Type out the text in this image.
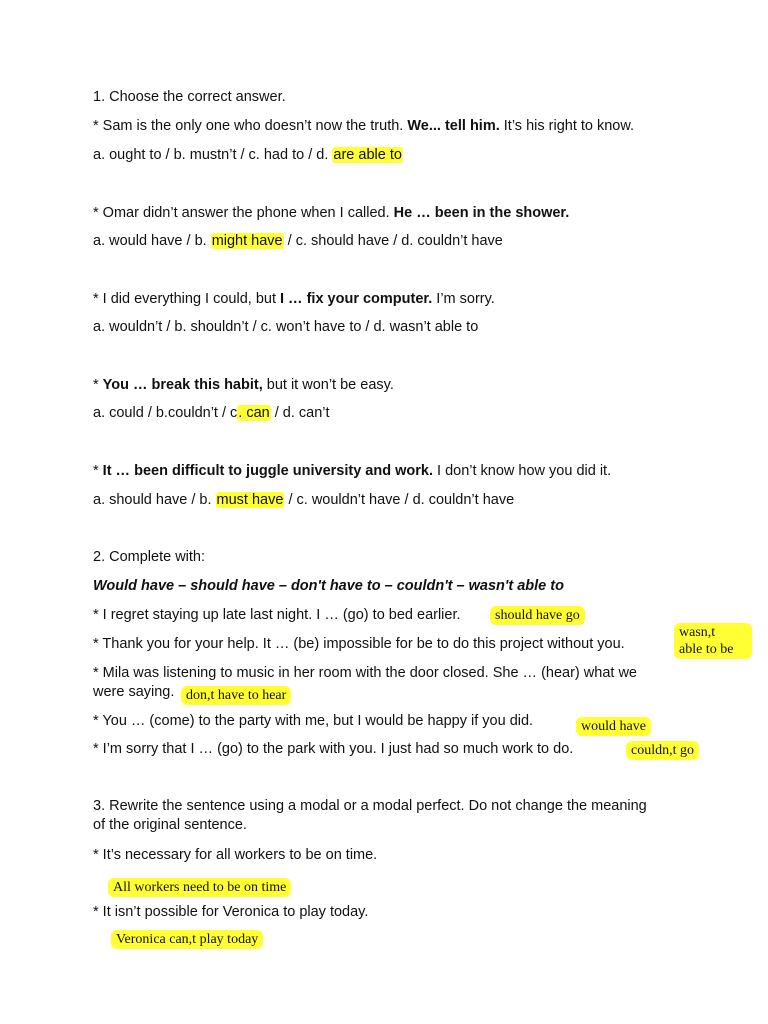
1. Choose the correct answer.
* Sam is the only one who doesn’t now the truth. We... tell him. It’s his right to know.
a. ought to / b. mustn’t / c. had to / d. are able to
* Omar didn’t answer the phone when I called. He … been in the shower.
a. would have / b. might have / c. should have / d. couldn’t have
* I did everything I could, but I … fix your computer. I’m sorry.
a. wouldn’t / b. shouldn’t / c. won’t have to / d. wasn’t able to
* You … break this habit, but it won’t be easy.
a. could / b.couldn’t / c. can / d. can’t
* It … been difficult to juggle university and work. I don’t know how you did it.
a. should have / b. must have / c. wouldn’t have / d. couldn’t have
2. Complete with:
Would have – should have – don't have to – couldn't – wasn't able to
* I regret staying up late last night. I … (go) to bed earlier.	should have go
* Thank you for your help. It … (be) impossible for be to do this project without you.
wasn,t
able to be
* Mila was listening to music in her room with the door closed. She … (hear) what we
were saying. don,t have to hear
* You … (come) to the party with me, but I would be happy if you did.	would have
* I’m sorry that I … (go) to the park with you. I just had so much work to do.	couldn,t go
3. Rewrite the sentence using a modal or a modal perfect. Do not change the meaning
of the original sentence.
* It’s necessary for all workers to be on time.
All workers need to be on time
* It isn’t possible for Veronica to play today.
Veronica can,t play today
